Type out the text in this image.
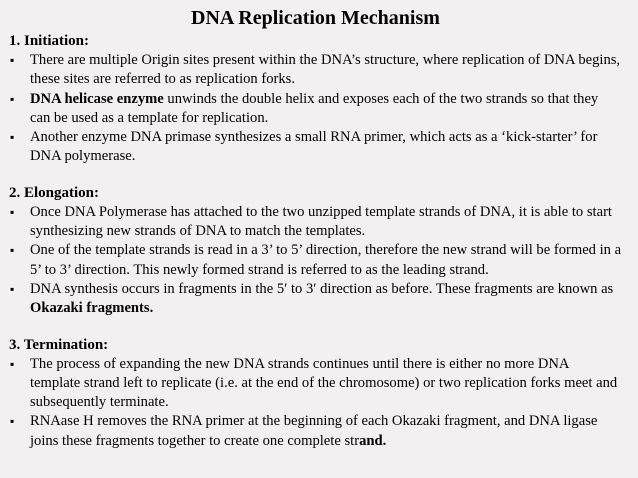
DNA Replication Mechanism
1. Initiation:
▪ There are multiple Origin sites present within the DNA’s structure, where replication of DNA begins, these sites are referred to as replication forks.
▪ DNA helicase enzyme unwinds the double helix and exposes each of the two strands so that they can be used as a template for replication.
▪ Another enzyme DNA primase synthesizes a small RNA primer, which acts as a ‘kick-starter’ for DNA polymerase.
2. Elongation:
▪ Once DNA Polymerase has attached to the two unzipped template strands of DNA, it is able to start synthesizing new strands of DNA to match the templates.
▪ One of the template strands is read in a 3’ to 5’ direction, therefore the new strand will be formed in a 5’ to 3’ direction. This newly formed strand is referred to as the leading strand.
▪ DNA synthesis occurs in fragments in the 5′ to 3′ direction as before. These fragments are known as Okazaki fragments.
3. Termination:
▪ The process of expanding the new DNA strands continues until there is either no more DNA template strand left to replicate (i.e. at the end of the chromosome) or two replication forks meet and subsequently terminate.
▪ RNAase H removes the RNA primer at the beginning of each Okazaki fragment, and DNA ligase joins these fragments together to create one complete strand.
